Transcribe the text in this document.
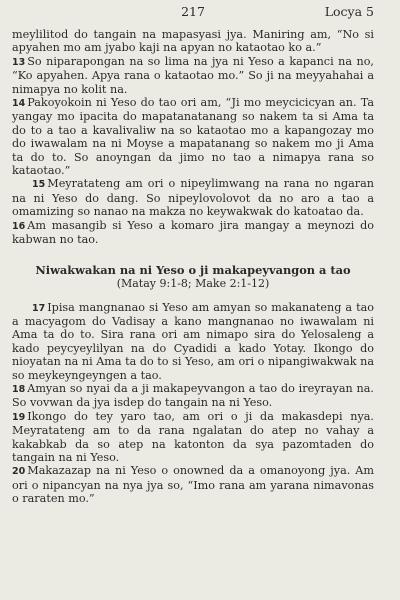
217	Locya 5

meylilitod do tangain na mapasyasi jya. Maniring am, “No si apyahen mo am jyabo kaji na apyan no kataotao ko a.”

13 So niparapongan na so lima na jya ni Yeso a kapanci na no, “Ko apyahen. Apya rana o kataotao mo.” So ji na meyyahahai a nimapya no kolit na.

14 Pakoyokoin ni Yeso do tao ori am, “Ji mo meycicicyan an. Ta yangay mo ipacita do mapatanatanang so nakem ta si Ama ta do to a tao a kavalivaliw na so kataotao mo a kapangozay mo do iwawalam na ni Moyse a mapatanang so nakem mo ji Ama ta do to. So anoyngan da jimo no tao a nimapya rana so kataotao.”

15 Meyratateng am ori o nipeylimwang na rana no ngaran na ni Yeso do dang. So nipeylovolovot da no aro a tao a omamizing so nanao na makza no keywakwak do katoatao da.

16 Am masangib si Yeso a komaro jira mangay a meynozi do kabwan no tao.

Niwakwakan na ni Yeso o ji makapeyvangon a tao
(Matay 9:1-8; Make 2:1-12)

17 Ipisa mangnanao si Yeso am amyan so makanateng a tao a macyagom do Vadisay a kano mangnanao no iwawalam ni Ama ta do to. Sira rana ori am nimapo sira do Yelosaleng a kado peycyeylilyan na do Cyadidi a kado Yotay. Ikongo do nioyatan na ni Ama ta do to si Yeso, am ori o nipangiwakwak na so meykeyngeyngen a tao.

18 Amyan so nyai da a ji makapeyvangon a tao do ireyrayan na. So vovwan da jya isdep do tangain na ni Yeso.

19 Ikongo do tey yaro tao, am ori o ji da makasdepi nya. Meyratateng am to da rana ngalatan do atep no vahay a kakabkab da so atep na katonton da sya pazomtaden do tangain na ni Yeso.

20 Makazazap na ni Yeso o onowned da a omanoyong jya. Am ori o nipancyan na nya jya so, “Imo rana am yarana nimavonas o raraten mo.”
